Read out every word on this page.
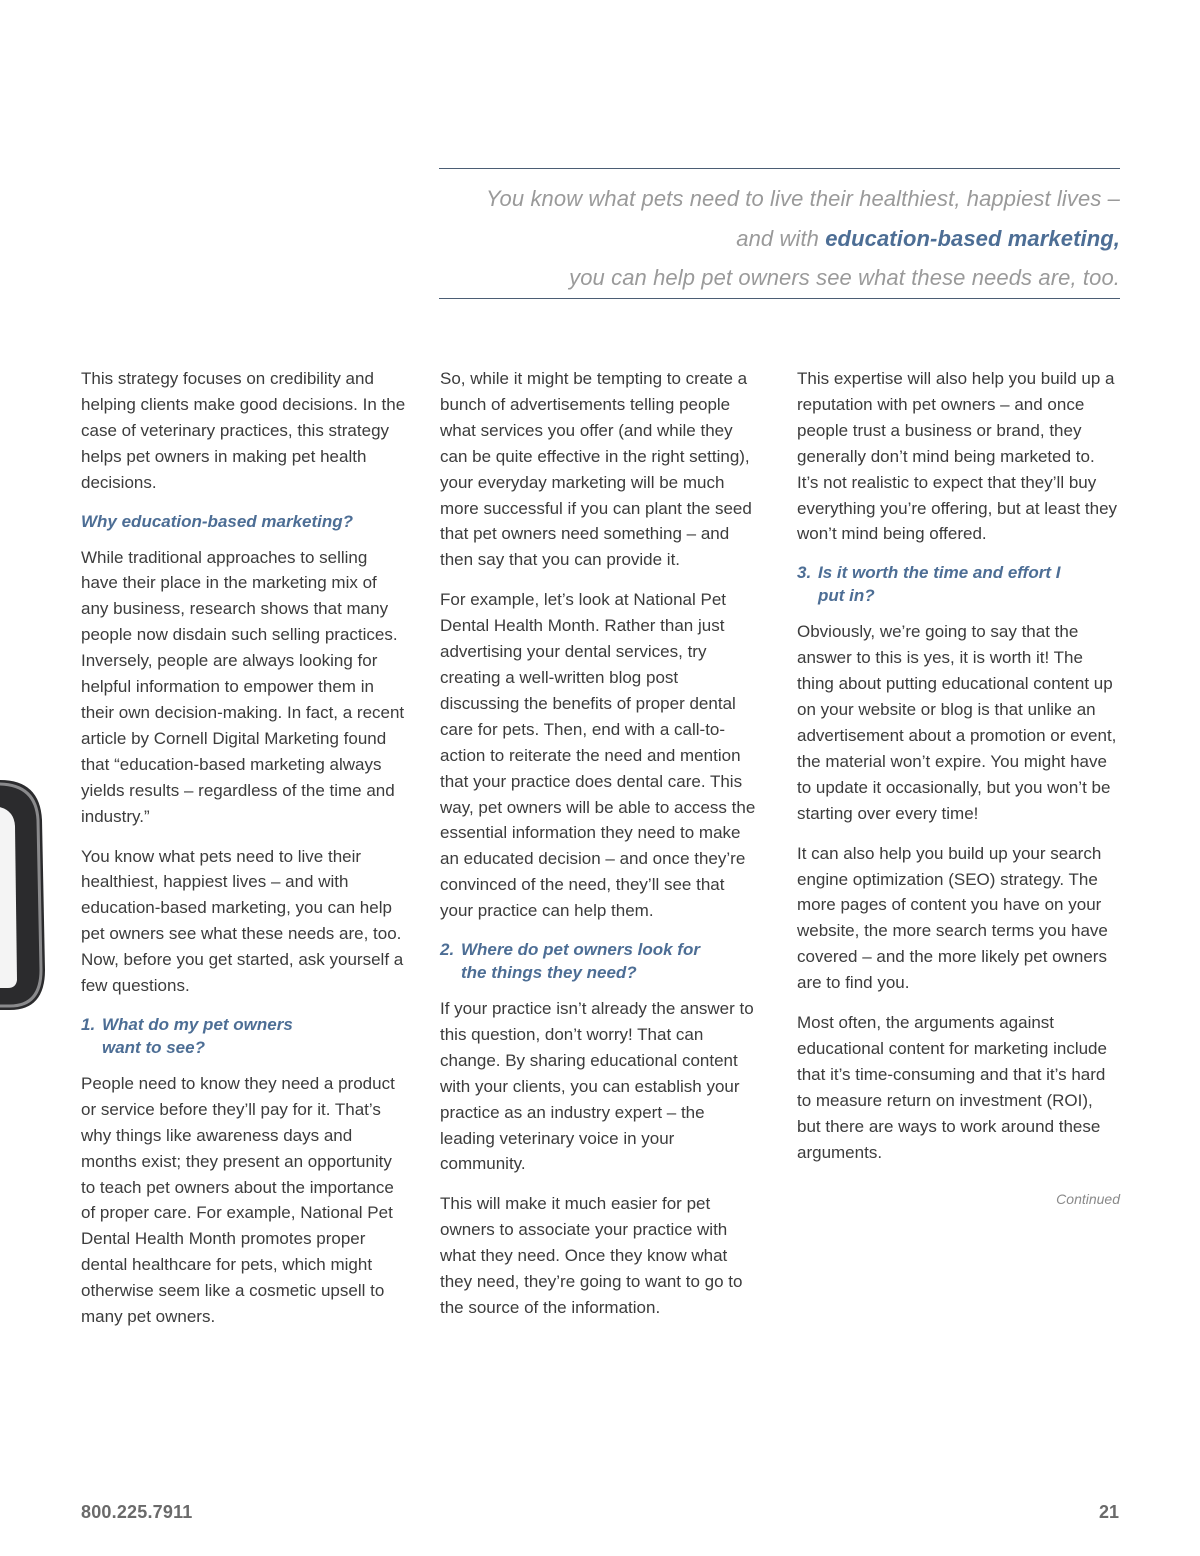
You know what pets need to live their healthiest, happiest lives –
and with education-based marketing,
you can help pet owners see what these needs are, too.

This strategy focuses on credibility and helping clients make good decisions. In the case of veterinary practices, this strategy helps pet owners in making pet health decisions.

Why education-based marketing?

While traditional approaches to selling have their place in the marketing mix of any business, research shows that many people now disdain such selling practices. Inversely, people are always looking for helpful information to empower them in their own decision-making. In fact, a recent article by Cornell Digital Marketing found that “education-based marketing always yields results – regardless of the time and industry.”

You know what pets need to live their healthiest, happiest lives – and with education-based marketing, you can help pet owners see what these needs are, too. Now, before you get started, ask yourself a few questions.

1. What do my pet owners want to see?

People need to know they need a product or service before they’ll pay for it. That’s why things like awareness days and months exist; they present an opportunity to teach pet owners about the importance of proper care. For example, National Pet Dental Health Month promotes proper dental healthcare for pets, which might otherwise seem like a cosmetic upsell to many pet owners.

So, while it might be tempting to create a bunch of advertisements telling people what services you offer (and while they can be quite effective in the right setting), your everyday marketing will be much more successful if you can plant the seed that pet owners need something – and then say that you can provide it.

For example, let’s look at National Pet Dental Health Month. Rather than just advertising your dental services, try creating a well-written blog post discussing the benefits of proper dental care for pets. Then, end with a call-to-action to reiterate the need and mention that your practice does dental care. This way, pet owners will be able to access the essential information they need to make an educated decision – and once they’re convinced of the need, they’ll see that your practice can help them.

2. Where do pet owners look for the things they need?

If your practice isn’t already the answer to this question, don’t worry! That can change. By sharing educational content with your clients, you can establish your practice as an industry expert – the leading veterinary voice in your community.

This will make it much easier for pet owners to associate your practice with what they need. Once they know what they need, they’re going to want to go to the source of the information.

This expertise will also help you build up a reputation with pet owners – and once people trust a business or brand, they generally don’t mind being marketed to. It’s not realistic to expect that they’ll buy everything you’re offering, but at least they won’t mind being offered.

3. Is it worth the time and effort I put in?

Obviously, we’re going to say that the answer to this is yes, it is worth it! The thing about putting educational content up on your website or blog is that unlike an advertisement about a promotion or event, the material won’t expire. You might have to update it occasionally, but you won’t be starting over every time!

It can also help you build up your search engine optimization (SEO) strategy. The more pages of content you have on your website, the more search terms you have covered – and the more likely pet owners are to find you.

Most often, the arguments against educational content for marketing include that it’s time-consuming and that it’s hard to measure return on investment (ROI), but there are ways to work around these arguments.

Continued
800.225.7911	21
